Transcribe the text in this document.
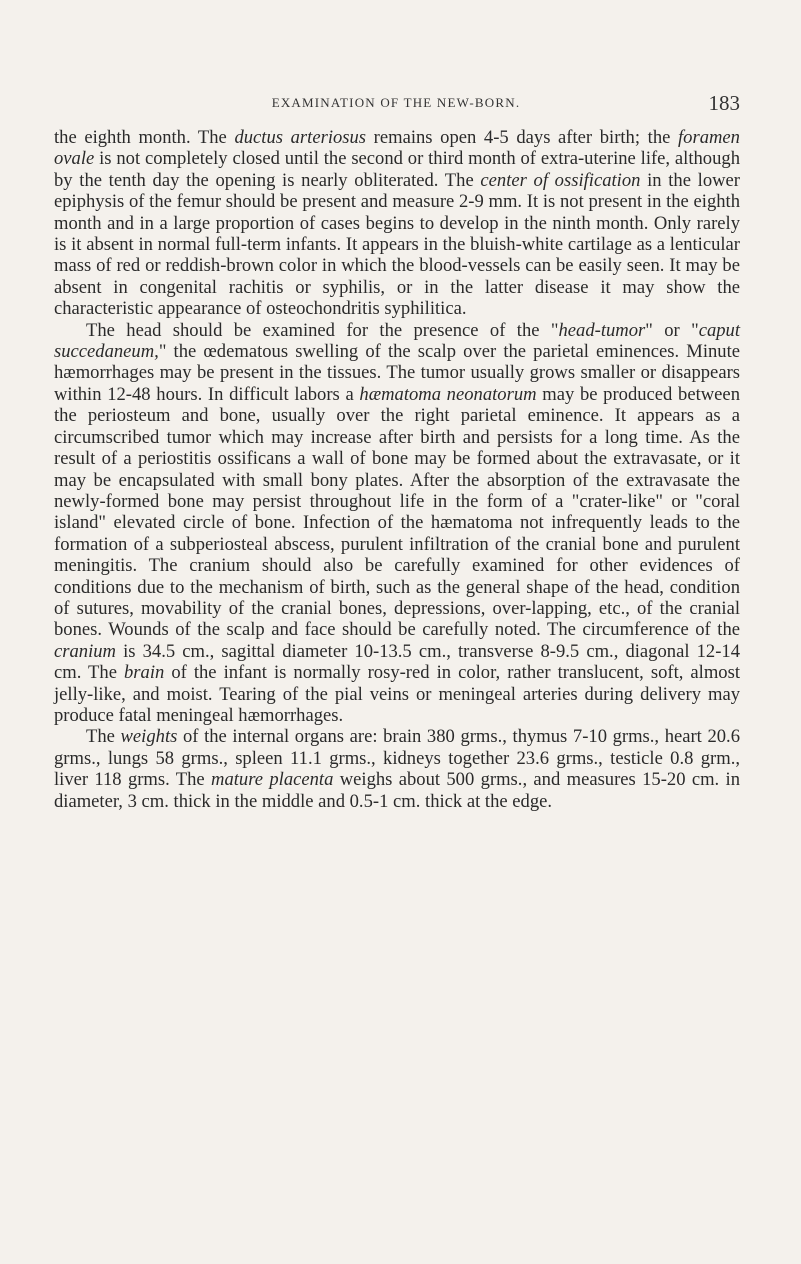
EXAMINATION OF THE NEW-BORN.	183

the eighth month. The ductus arteriosus remains open 4-5 days after birth; the foramen ovale is not completely closed until the second or third month of extra-uterine life, although by the tenth day the opening is nearly obliterated. The center of ossification in the lower epiphysis of the femur should be present and measure 2-9 mm. It is not present in the eighth month and in a large proportion of cases begins to develop in the ninth month. Only rarely is it absent in normal full-term infants. It appears in the bluish-white cartilage as a lenticular mass of red or reddish-brown color in which the blood-vessels can be easily seen. It may be absent in congenital rachitis or syphilis, or in the latter disease it may show the characteristic appearance of osteochondritis syphilitica.

The head should be examined for the presence of the "head-tumor" or "caput succedaneum," the œdematous swelling of the scalp over the parietal eminences. Minute hæmorrhages may be present in the tissues. The tumor usually grows smaller or disappears within 12-48 hours. In difficult labors a hæmatoma neonatorum may be produced between the periosteum and bone, usually over the right parietal eminence. It appears as a circumscribed tumor which may increase after birth and persists for a long time. As the result of a periostitis ossificans a wall of bone may be formed about the extravasate, or it may be encapsulated with small bony plates. After the absorption of the extravasate the newly-formed bone may persist throughout life in the form of a "crater-like" or "coral island" elevated circle of bone. Infection of the hæmatoma not infrequently leads to the formation of a subperiosteal abscess, purulent infiltration of the cranial bone and purulent meningitis. The cranium should also be carefully examined for other evidences of conditions due to the mechanism of birth, such as the general shape of the head, condition of sutures, movability of the cranial bones, depressions, over-lapping, etc., of the cranial bones. Wounds of the scalp and face should be carefully noted. The circumference of the cranium is 34.5 cm., sagittal diameter 10-13.5 cm., transverse 8-9.5 cm., diagonal 12-14 cm. The brain of the infant is normally rosy-red in color, rather translucent, soft, almost jelly-like, and moist. Tearing of the pial veins or meningeal arteries during delivery may produce fatal meningeal hæmorrhages.

The weights of the internal organs are: brain 380 grms., thymus 7-10 grms., heart 20.6 grms., lungs 58 grms., spleen 11.1 grms., kidneys together 23.6 grms., testicle 0.8 grm., liver 118 grms. The mature placenta weighs about 500 grms., and measures 15-20 cm. in diameter, 3 cm. thick in the middle and 0.5-1 cm. thick at the edge.
